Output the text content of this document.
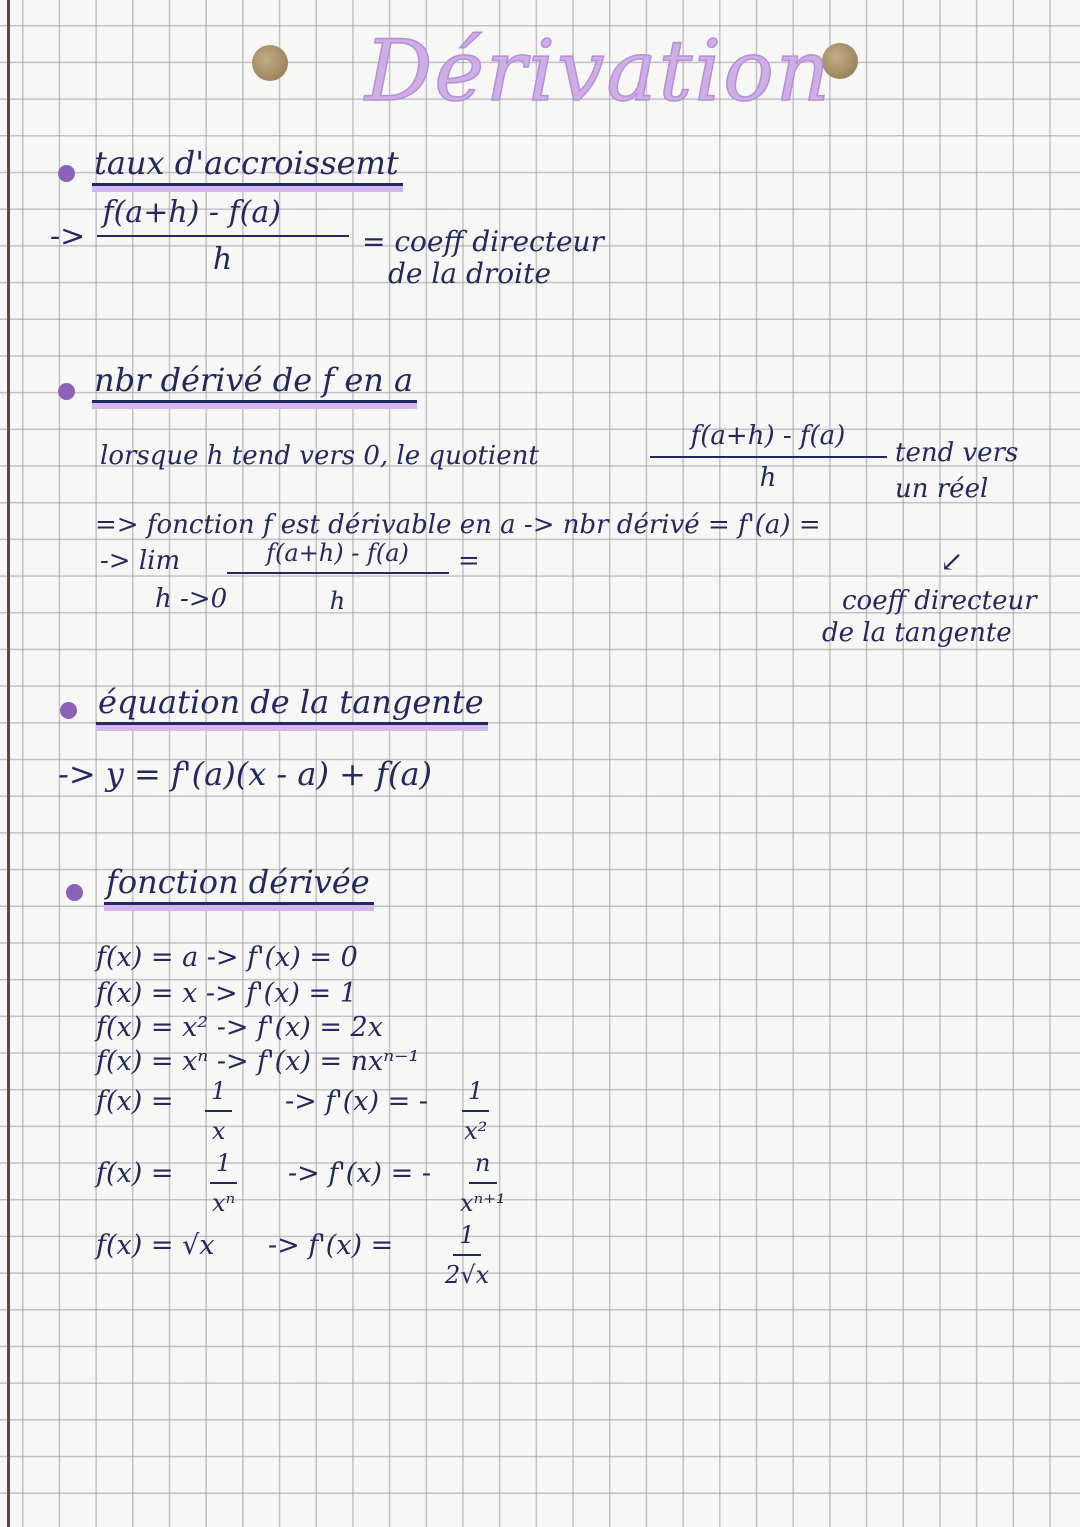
Dérivation
taux d'accroissemt
-> $\frac{f(a+h) - f(a)}{h}$ = coeff directeur
de la droite
nbr dérivé de f en a
lorsque h tend vers 0, le quotient	$\frac{f(a+h) - f(a)}{h}$ tend vers
un réel
=> fonction f est dérivable en a -> nbr dérivé = f'(a) =
-> lim
h ->0
$\frac{f(a+h) - f(a)}{h}$ =	↙
coeff directeur
de la tangente
équation de la tangente
-> y = f'(a)(x - a) + f(a)
fonction dérivée
f(x) = a -> f'(x) = 0
f(x) = x -> f'(x) = 1
f(x) = x² -> f'(x) = 2x
f(x) = xⁿ -> f'(x) = nxⁿ⁻¹
$f(x) = \frac{1}{x} -> f'(x)$ = - $\frac{1}{\text{x²}}$
$f(x) = \frac{1}{\text{xⁿ}} -> f'(x)$ = - $\frac{n}{\text{xⁿ⁺¹}}$
$f(x) = √x -> f'(x) = \frac{1}{2√x}$
